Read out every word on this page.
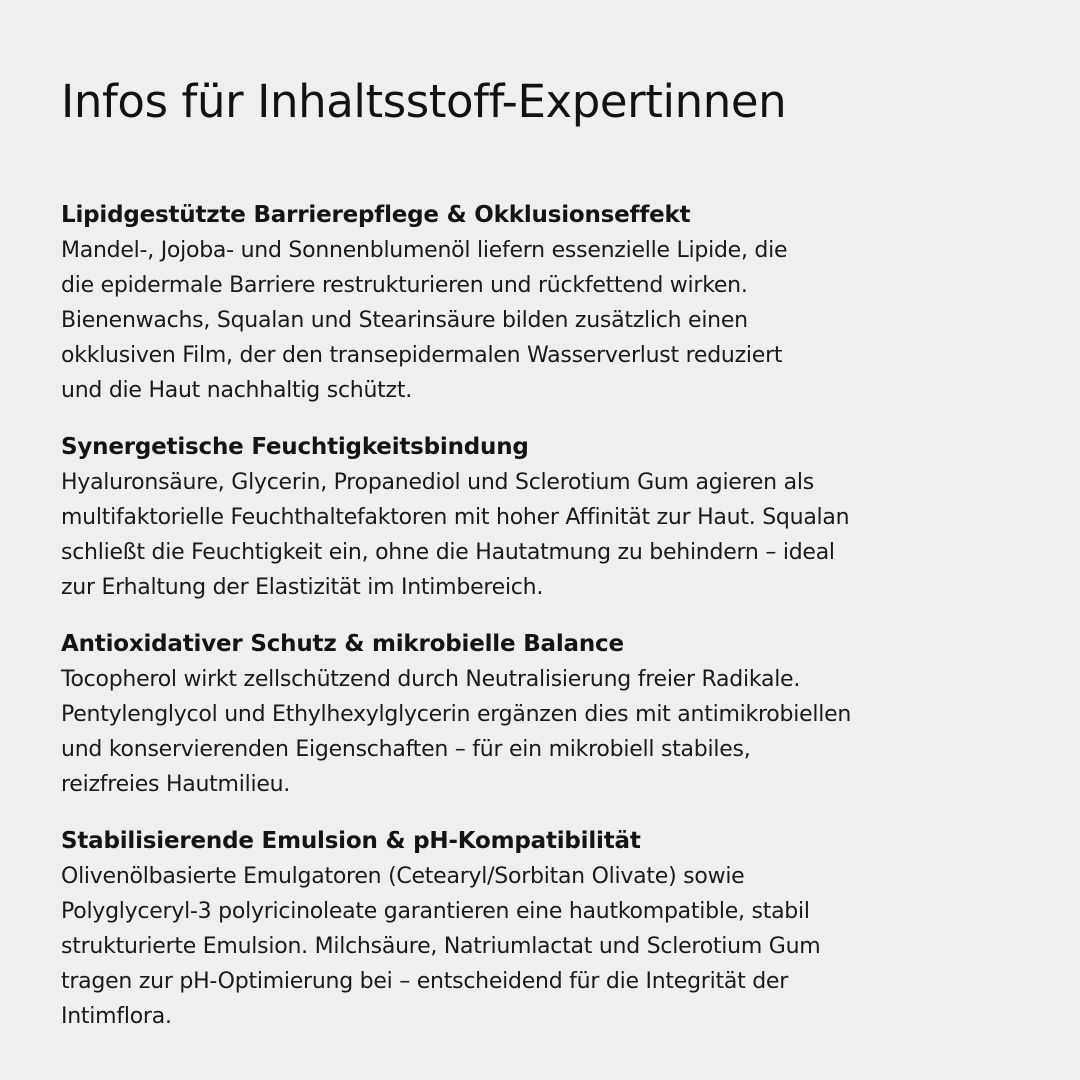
Infos für Inhaltsstoff-Expertinnen
Lipidgestützte Barrierepflege & Okklusionseffekt
Mandel-, Jojoba- und Sonnenblumenöl liefern essenzielle Lipide, die
die epidermale Barriere restrukturieren und rückfettend wirken.
Bienenwachs, Squalan und Stearinsäure bilden zusätzlich einen
okklusiven Film, der den transepidermalen Wasserverlust reduziert
und die Haut nachhaltig schützt.
Synergetische Feuchtigkeitsbindung
Hyaluronsäure, Glycerin, Propanediol und Sclerotium Gum agieren als
multifaktorielle Feuchthaltefaktoren mit hoher Affinität zur Haut. Squalan
schließt die Feuchtigkeit ein, ohne die Hautatmung zu behindern – ideal
zur Erhaltung der Elastizität im Intimbereich.
Antioxidativer Schutz & mikrobielle Balance
Tocopherol wirkt zellschützend durch Neutralisierung freier Radikale.
Pentylenglycol und Ethylhexylglycerin ergänzen dies mit antimikrobiellen
und konservierenden Eigenschaften – für ein mikrobiell stabiles,
reizfreies Hautmilieu.
Stabilisierende Emulsion & pH-Kompatibilität
Olivenölbasierte Emulgatoren (Cetearyl/Sorbitan Olivate) sowie
Polyglyceryl-3 polyricinoleate garantieren eine hautkompatible, stabil
strukturierte Emulsion. Milchsäure, Natriumlactat und Sclerotium Gum
tragen zur pH-Optimierung bei – entscheidend für die Integrität der
Intimflora.
